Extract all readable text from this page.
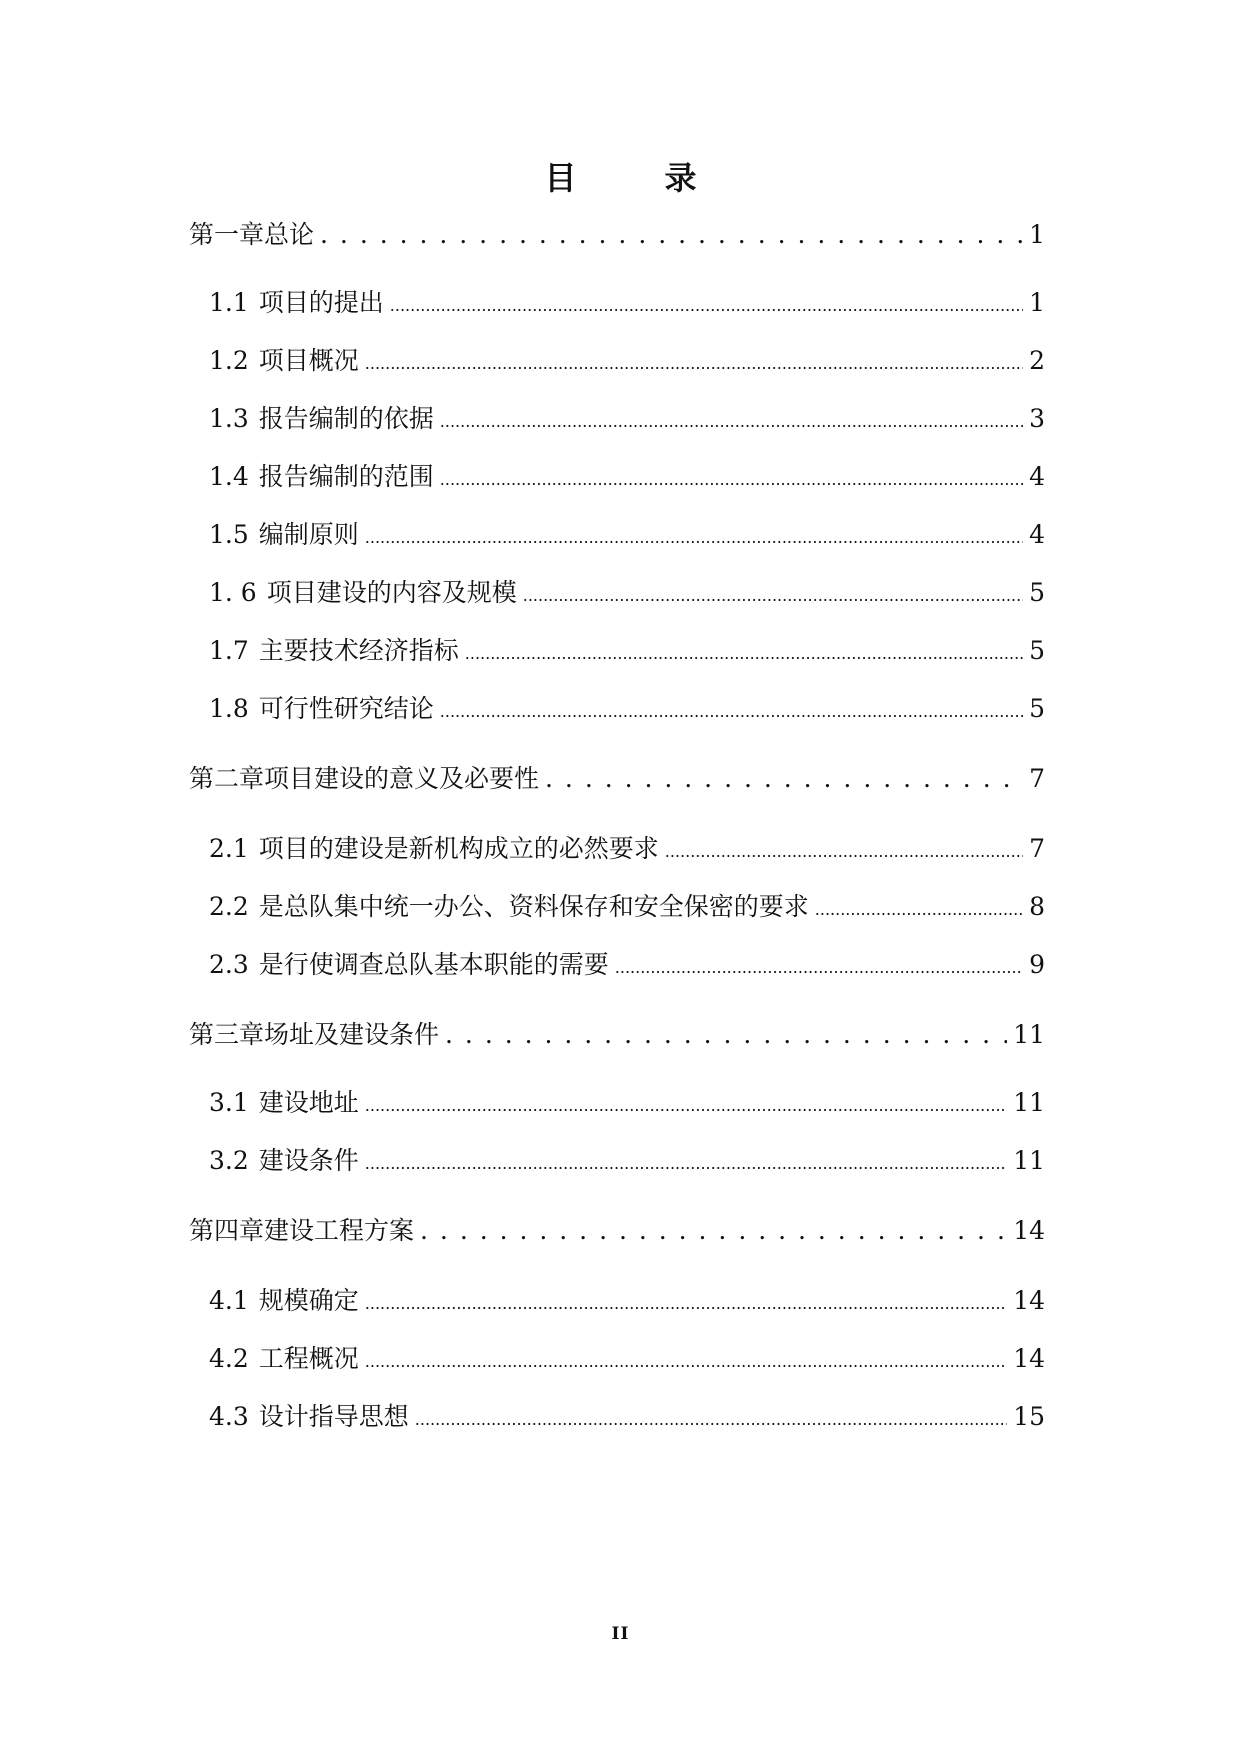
目　录
第一章 总论 . . .	1
1.1 项目的提出 .....	1
1.2 项目概况 .....	2
1.3 报告编制的依据 .....	3
1.4 报告编制的范围 .....	4
1.5 编制原则 .....	4
1. 6 项目建设的内容及规模 .....	5
1.7 主要技术经济指标 .....	5
1.8 可行性研究结论 .....	5
第二章 项目建设的意义及必要性 . . .	7
2.1 项目的建设是新机构成立的必然要求 .....	7
2.2 是总队集中统一办公、资料保存和安全保密的要求 .....	8
2.3 是行使调查总队基本职能的需要 .....	9
第三章 场址及建设条件 . . .	11
3.1 建设地址 .....	11
3.2 建设条件 .....	11
第四章 建设工程方案 . . .	14
4.1 规模确定 .....	14
4.2 工程概况 .....	14
4.3 设计指导思想 .....	15
II
